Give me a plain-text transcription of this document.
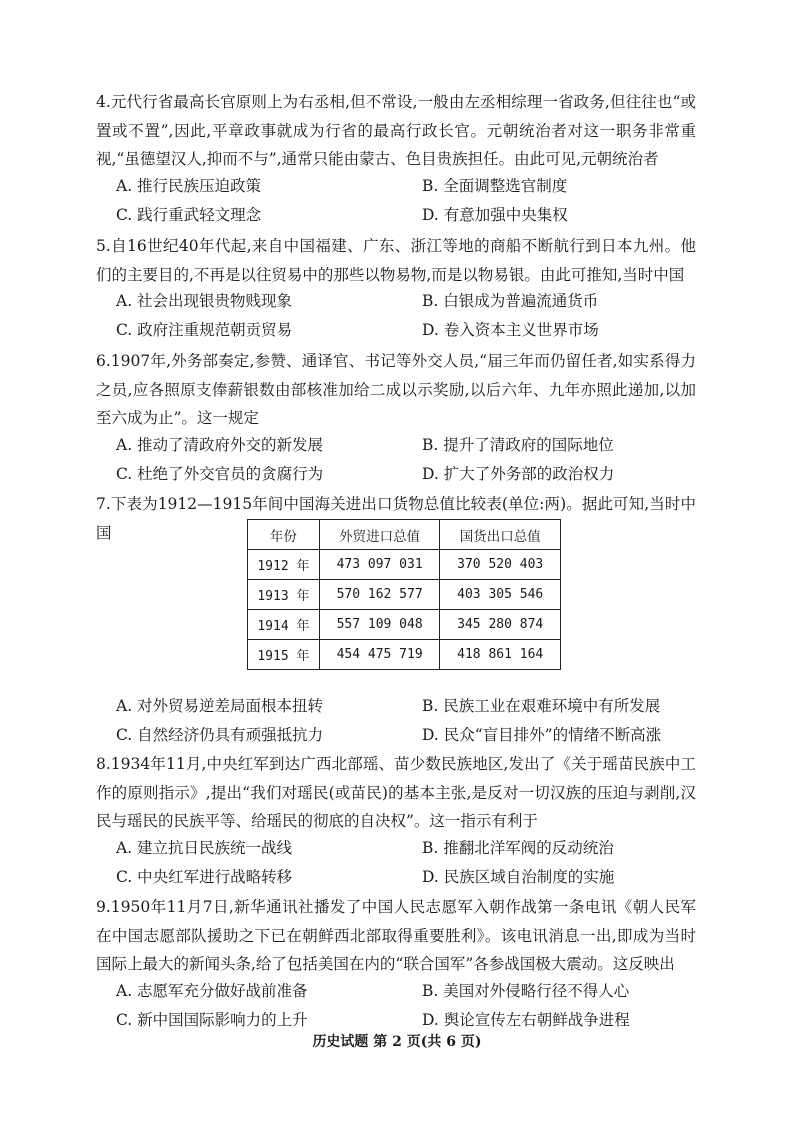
4.元代行省最高长官原则上为右丞相,但不常设,一般由左丞相综理一省政务,但往往也“或置或不置”,因此,平章政事就成为行省的最高行政长官。元朝统治者对这一职务非常重视,“虽德望汉人,抑而不与”,通常只能由蒙古、色目贵族担任。由此可见,元朝统治者

A. 推行民族压迫政策	B. 全面调整选官制度
C. 践行重武轻文理念	D. 有意加强中央集权

5.自16世纪40年代起,来自中国福建、广东、浙江等地的商船不断航行到日本九州。他们的主要目的,不再是以往贸易中的那些以物易物,而是以物易银。由此可推知,当时中国

A. 社会出现银贵物贱现象	B. 白银成为普遍流通货币
C. 政府注重规范朝贡贸易	D. 卷入资本主义世界市场

6.1907年,外务部奏定,参赞、通译官、书记等外交人员,“届三年而仍留任者,如实系得力之员,应各照原支俸薪银数由部核准加给二成以示奖励,以后六年、九年亦照此递加,以加至六成为止”。这一规定

A. 推动了清政府外交的新发展	B. 提升了清政府的国际地位
C. 杜绝了外交官员的贪腐行为	D. 扩大了外务部的政治权力

7.下表为1912—1915年间中国海关进出口货物总值比较表(单位:两)。据此可知,当时中国	年份	外贸进口总值	国货出口总值
1912 年	473 097 031	370 520 403
1913 年	570 162 577	403 305 546
1914 年	557 109 048	345 280 874
1915 年	454 475 719	418 861 164
A. 对外贸易逆差局面根本扭转	B. 民族工业在艰难环境中有所发展
C. 自然经济仍具有顽强抵抗力	D. 民众“盲目排外”的情绪不断高涨

8.1934年11月,中央红军到达广西北部瑶、苗少数民族地区,发出了《关于瑶苗民族中工作的原则指示》,提出“我们对瑶民(或苗民)的基本主张,是反对一切汉族的压迫与剥削,汉民与瑶民的民族平等、给瑶民的彻底的自决权”。这一指示有利于

A. 建立抗日民族统一战线	B. 推翻北洋军阀的反动统治
C. 中央红军进行战略转移	D. 民族区域自治制度的实施

9.1950年11月7日,新华通讯社播发了中国人民志愿军入朝作战第一条电讯《朝人民军在中国志愿部队援助之下已在朝鲜西北部取得重要胜利》。该电讯消息一出,即成为当时国际上最大的新闻头条,给了包括美国在内的“联合国军”各参战国极大震动。这反映出

A. 志愿军充分做好战前准备	B. 美国对外侵略行径不得人心
C. 新中国国际影响力的上升	D. 舆论宣传左右朝鲜战争进程
历史试题 第 2 页(共 6 页)
